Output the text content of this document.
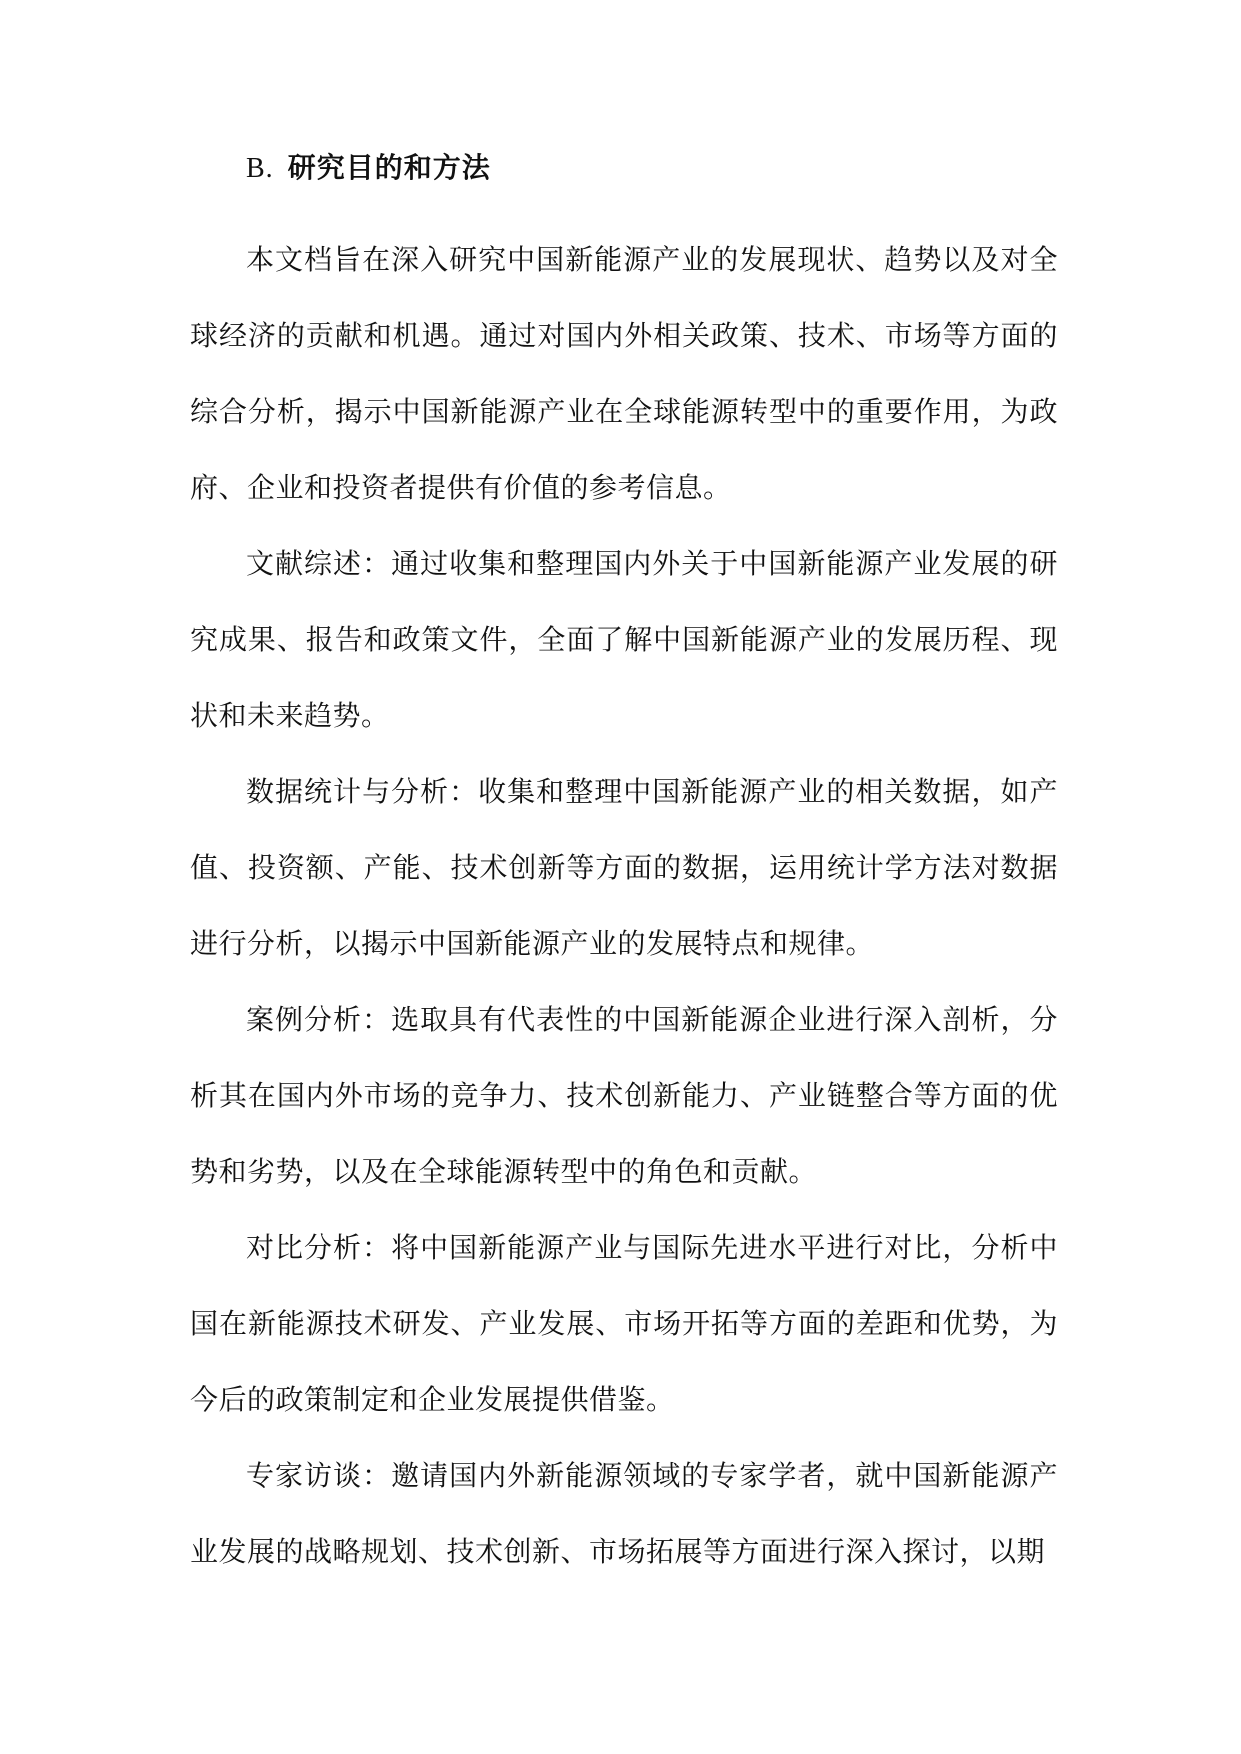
B. 研究目的和方法

本文档旨在深入研究中国新能源产业的发展现状、趋势以及对全球经济的贡献和机遇。通过对国内外相关政策、技术、市场等方面的综合分析，揭示中国新能源产业在全球能源转型中的重要作用，为政府、企业和投资者提供有价值的参考信息。

文献综述：通过收集和整理国内外关于中国新能源产业发展的研究成果、报告和政策文件，全面了解中国新能源产业的发展历程、现状和未来趋势。

数据统计与分析：收集和整理中国新能源产业的相关数据，如产值、投资额、产能、技术创新等方面的数据，运用统计学方法对数据进行分析，以揭示中国新能源产业的发展特点和规律。

案例分析：选取具有代表性的中国新能源企业进行深入剖析，分析其在国内外市场的竞争力、技术创新能力、产业链整合等方面的优势和劣势，以及在全球能源转型中的角色和贡献。

对比分析：将中国新能源产业与国际先进水平进行对比，分析中国在新能源技术研发、产业发展、市场开拓等方面的差距和优势，为今后的政策制定和企业发展提供借鉴。

专家访谈：邀请国内外新能源领域的专家学者，就中国新能源产业发展的战略规划、技术创新、市场拓展等方面进行深入探讨，以期
